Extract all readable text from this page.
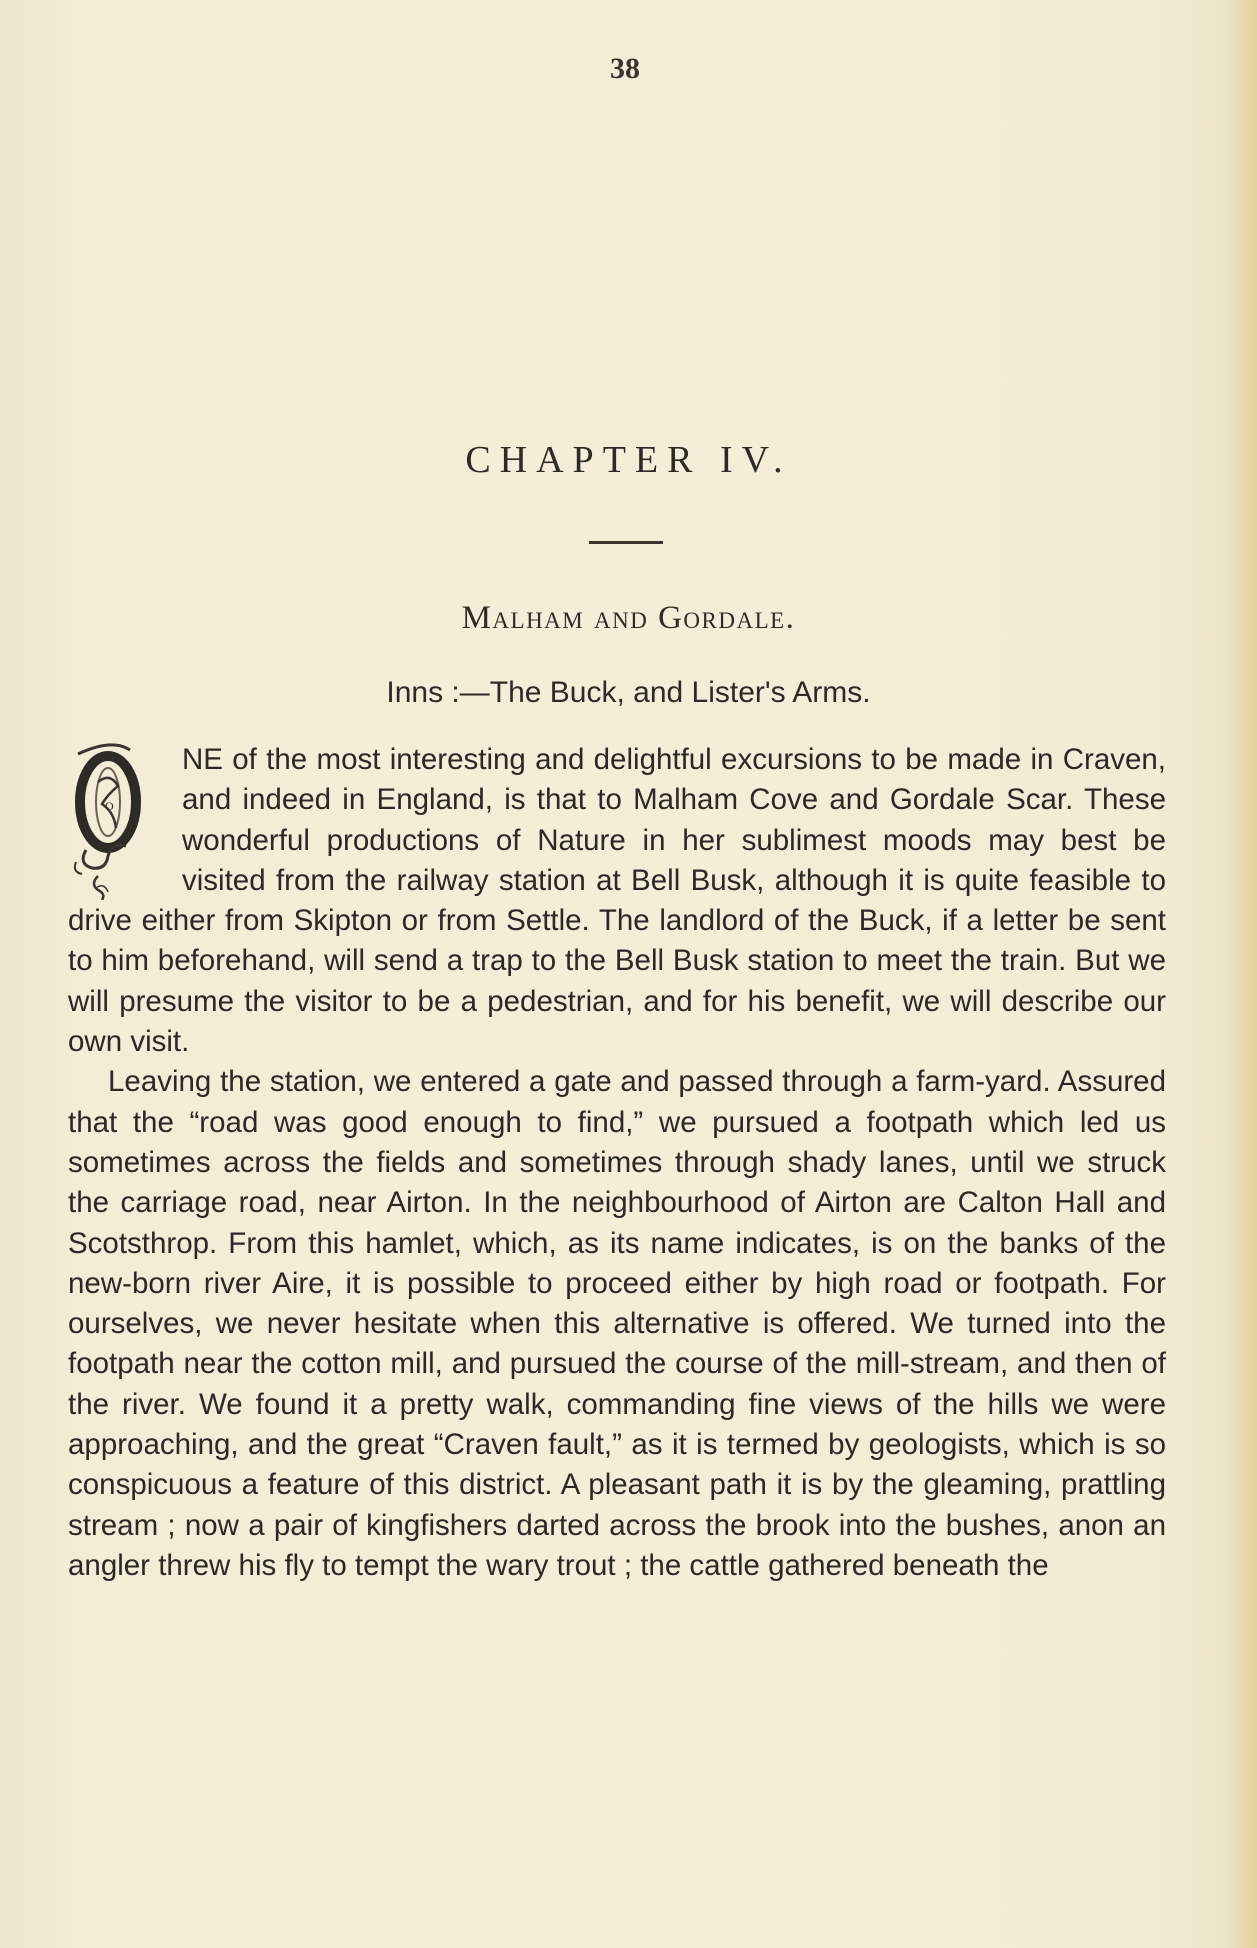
38
CHAPTER IV.
Malham and Gordale.
Inns :—The Buck, and Lister's Arms.

O
NE of the most interesting and delightful excursions to be made in Craven, and indeed in England, is that to Malham Cove and Gordale Scar. These wonderful productions of Nature in her sublimest moods may best be visited from the railway station at Bell Busk, although it is quite feasible to drive either from Skipton or from Settle. The landlord of the Buck, if a letter be sent to him beforehand, will send a trap to the Bell Busk station to meet the train. But we will presume the visitor to be a pedestrian, and for his benefit, we will describe our own visit.

Leaving the station, we entered a gate and passed through a farm-yard. Assured that the “road was good enough to find,” we pursued a footpath which led us sometimes across the fields and sometimes through shady lanes, until we struck the carriage road, near Airton. In the neighbourhood of Airton are Calton Hall and Scotsthrop. From this hamlet, which, as its name indicates, is on the banks of the new-born river Aire, it is possible to proceed either by high road or footpath. For ourselves, we never hesitate when this alternative is offered. We turned into the footpath near the cotton mill, and pursued the course of the mill-stream, and then of the river. We found it a pretty walk, commanding fine views of the hills we were approaching, and the great “Craven fault,” as it is termed by geologists, which is so conspicuous a feature of this district. A pleasant path it is by the gleaming, prattling stream ; now a pair of kingfishers darted across the brook into the bushes, anon an angler threw his fly to tempt the wary trout ; the cattle gathered beneath the
